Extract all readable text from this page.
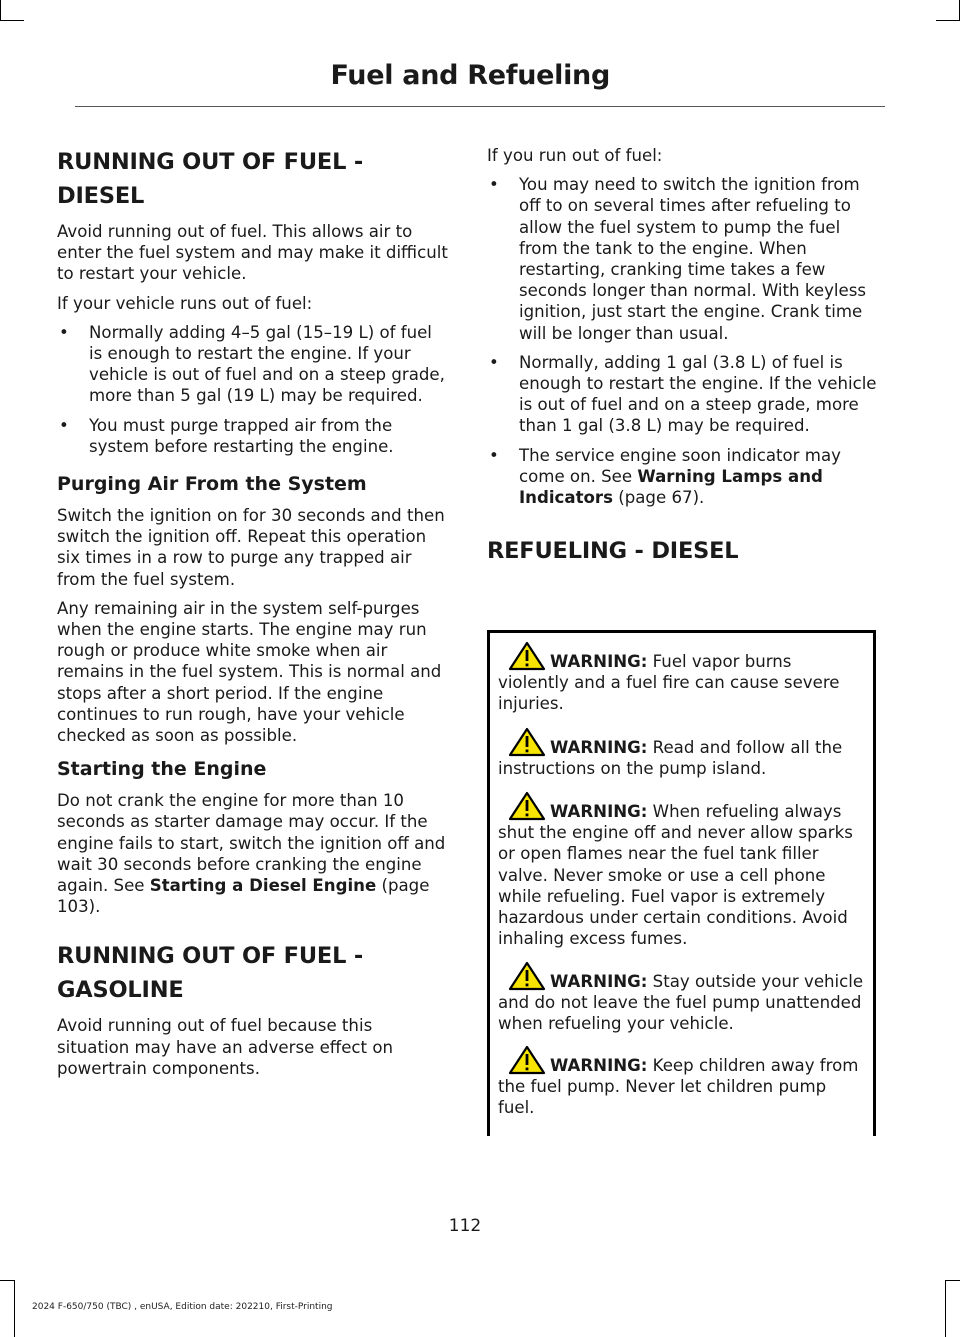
Fuel and Refueling
RUNNING OUT OF FUEL -
DIESEL

Avoid running out of fuel. This allows air to enter the fuel system and may make it difficult to restart your vehicle.

If your vehicle runs out of fuel:

• Normally adding 4–5 gal (15–19 L) of fuel is enough to restart the engine. If your vehicle is out of fuel and on a steep grade, more than 5 gal (19 L) may be required.
• You must purge trapped air from the system before restarting the engine.
Purging Air From the System

Switch the ignition on for 30 seconds and then switch the ignition off. Repeat this operation six times in a row to purge any trapped air from the fuel system.

Any remaining air in the system self-purges when the engine starts. The engine may run rough or produce white smoke when air remains in the fuel system. This is normal and stops after a short period. If the engine continues to run rough, have your vehicle checked as soon as possible.

Starting the Engine

Do not crank the engine for more than 10 seconds as starter damage may occur. If the engine fails to start, switch the ignition off and wait 30 seconds before cranking the engine again. See Starting a Diesel Engine (page 103).

RUNNING OUT OF FUEL -
GASOLINE

Avoid running out of fuel because this situation may have an adverse effect on powertrain components.

If you run out of fuel:

• You may need to switch the ignition from off to on several times after refueling to allow the fuel system to pump the fuel from the tank to the engine. When restarting, cranking time takes a few seconds longer than normal. With keyless ignition, just start the engine. Crank time will be longer than usual.
• Normally, adding 1 gal (3.8 L) of fuel is enough to restart the engine. If the vehicle is out of fuel and on a steep grade, more than 1 gal (3.8 L) may be required.
• The service engine soon indicator may come on. See Warning Lamps and Indicators (page 67).
REFUELING - DIESEL
WARNING: Fuel vapor burns violently and a fuel fire can cause severe injuries.
WARNING: Read and follow all the instructions on the pump island.
WARNING: When refueling always shut the engine off and never allow sparks or open flames near the fuel tank filler valve. Never smoke or use a cell phone while refueling. Fuel vapor is extremely hazardous under certain conditions. Avoid inhaling excess fumes.
WARNING: Stay outside your vehicle and do not leave the fuel pump unattended when refueling your vehicle.
WARNING: Keep children away from the fuel pump. Never let children pump fuel.
112
2024 F-650/750 (TBC) , enUSA, Edition date: 202210, First-Printing
